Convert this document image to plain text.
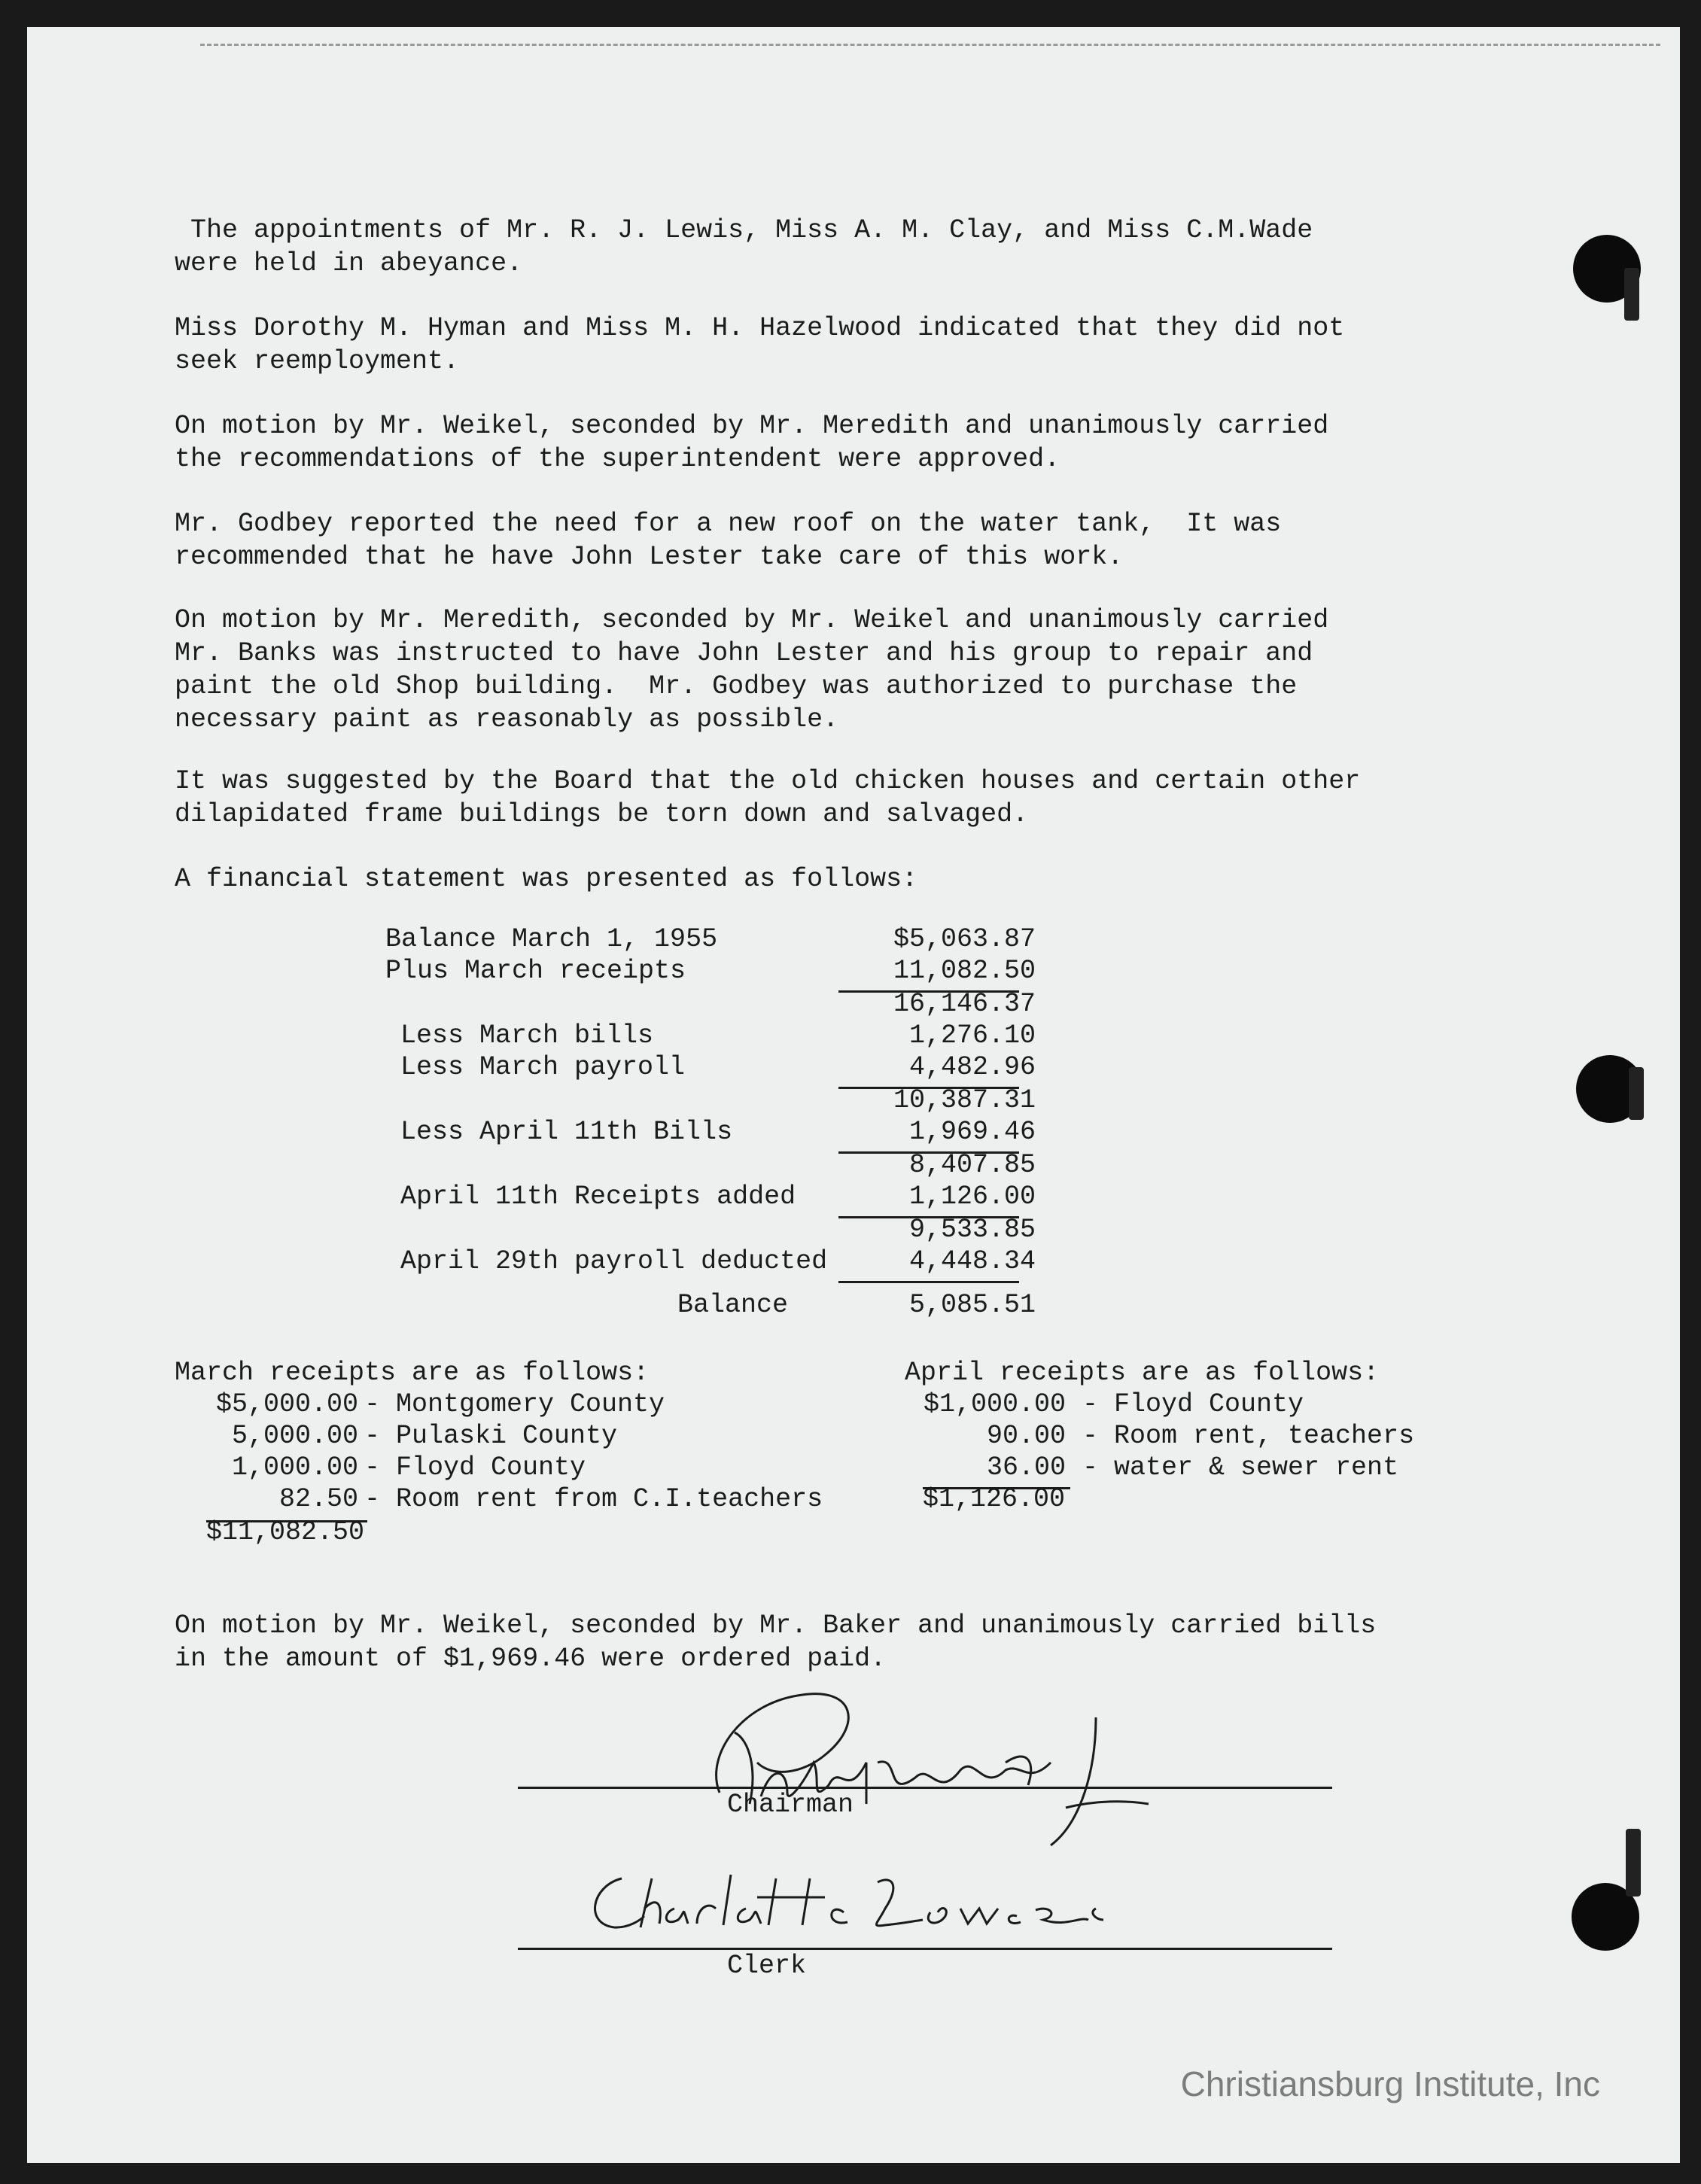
The appointments of Mr. R. J. Lewis, Miss A. M. Clay, and Miss C.M.Wade
were held in abeyance.

Miss Dorothy M. Hyman and Miss M. H. Hazelwood indicated that they did not
seek reemployment.

On motion by Mr. Weikel, seconded by Mr. Meredith and unanimously carried
the recommendations of the superintendent were approved.

Mr. Godbey reported the need for a new roof on the water tank,  It was
recommended that he have John Lester take care of this work.

On motion by Mr. Meredith, seconded by Mr. Weikel and unanimously carried
Mr. Banks was instructed to have John Lester and his group to repair and
paint the old Shop building.  Mr. Godbey was authorized to purchase the
necessary paint as reasonably as possible.

It was suggested by the Board that the old chicken houses and certain other
dilapidated frame buildings be torn down and salvaged.

A financial statement was presented as follows:

Balance March 1, 1955	$5,063.87
Plus March receipts	11,082.50
16,146.37
Less March bills	1,276.10
Less March payroll	4,482.96
10,387.31
Less April 11th Bills	1,969.46
8,407.85
April 11th Receipts added	1,126.00
9,533.85
April 29th payroll deducted	4,448.34
Balance	5,085.51
March receipts are as follows:
$5,000.00 - Montgomery County
5,000.00 - Pulaski County
1,000.00 - Floyd County
82.50 - Room rent from C.I.teachers
$11,082.50
April receipts are as follows:
$1,000.00 - Floyd County
90.00 - Room rent, teachers
36.00 - water & sewer rent
$1,126.00

On motion by Mr. Weikel, seconded by Mr. Baker and unanimously carried bills
in the amount of $1,969.46 were ordered paid.

Chairman
Clerk
Christiansburg Institute, Inc
